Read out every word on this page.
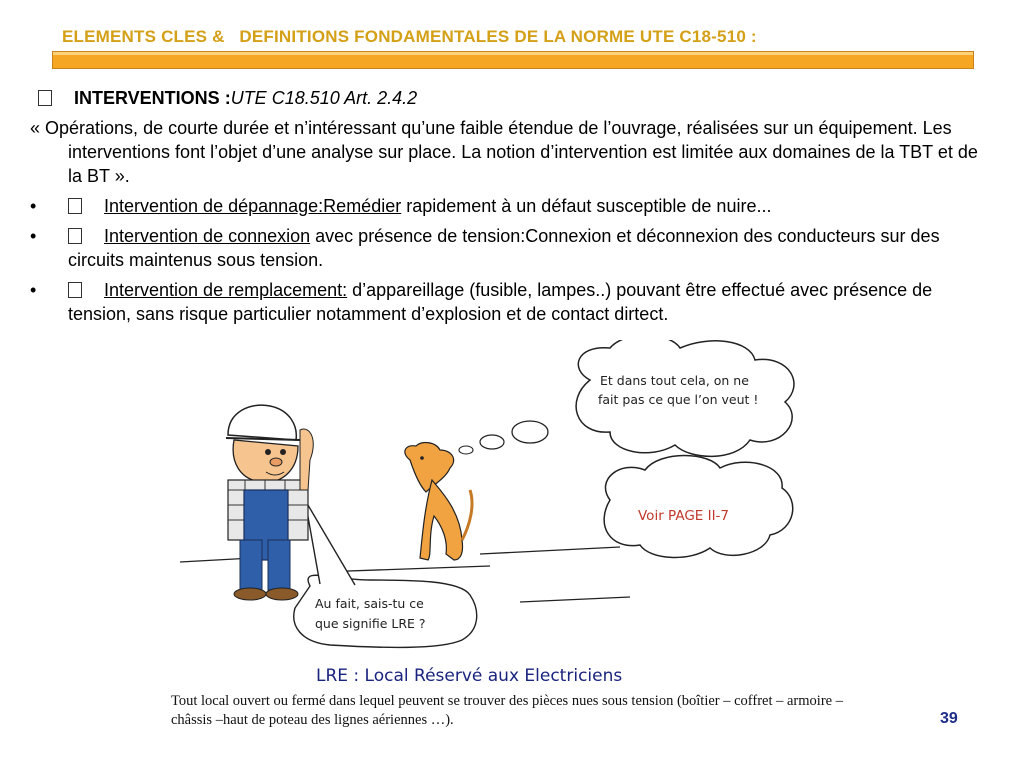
ELEMENTS CLES &   DEFINITIONS FONDAMENTALES DE LA NORME UTE C18-510 :
INTERVENTIONS :UTE C18.510 Art. 2.4.2
« Opérations, de courte durée et n’intéressant qu’une faible étendue de l’ouvrage, réalisées sur un équipement. Les interventions font l’objet d’une analyse sur place. La notion d’intervention est limitée aux domaines de la TBT et de la BT ».
•	Intervention de dépannage:Remédier rapidement à un défaut susceptible de nuire...
•	Intervention de connexion avec présence de tension:Connexion et déconnexion des conducteurs sur des circuits maintenus sous tension.
•	Intervention de remplacement: d’appareillage (fusible, lampes..) pouvant être effectué avec présence de tension, sans risque particulier notamment d’explosion et de contact dirtect.
Et dans tout cela, on ne
fait pas ce que l’on veut !
Voir PAGE II-7
Au fait, sais-tu ce
que signifie LRE ?
LRE : Local Réservé aux Electriciens
Tout local ouvert ou fermé dans lequel peuvent se trouver des pièces nues sous tension (boîtier – coffret – armoire – châssis –haut de poteau des lignes aériennes …).	39
